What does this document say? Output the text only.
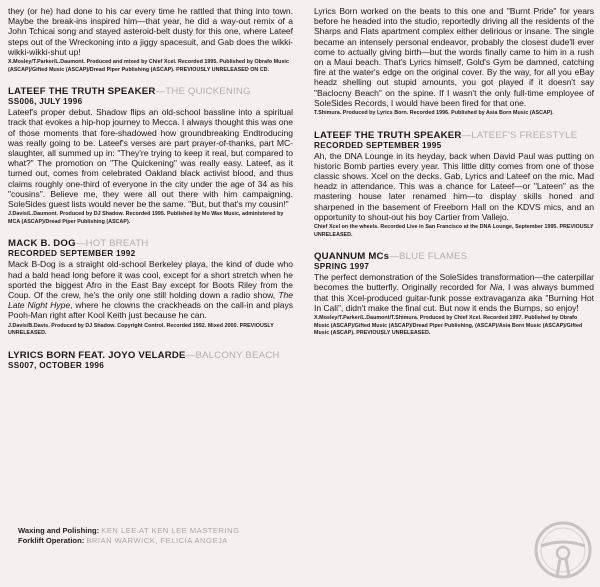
they (or he) had done to his car every time he rattled that thing into town. Maybe the break-ins inspired him—that year, he did a way-out remix of a John Tchicai song and stayed asteroid-belt dusty for this one, where Lateef steps out of the Wreckoning into a jiggy spacesuit, and Gab does the wikki-wikki-wikki-shut up!

X.Mosley/T.Parker/L.Daumont. Produced and mixed by Chief Xcel. Recorded 1995. Published by Obrafo Music (ASCAP)/Gifted Music (ASCAP)/Dread Piper Publishing (ASCAP). PREVIOUSLY UNRELEASED ON CD.

LATEEF THE TRUTH SPEAKER—THE QUICKENING
SS006, JULY 1996

Lateef's proper debut. Shadow flips an old-school bassline into a spiritual track that evokes a hip-hop journey to Mecca. I always thought this was one of those moments that fore-shadowed how groundbreaking Endtroducing was really going to be. Lateef's verses are part prayer-of-thanks, part MC-slaughter, all summed up in: "They're trying to keep it real, but compared to what?" The promotion on "The Quickening" was really easy. Lateef, as it turned out, comes from celebrated Oakland black activist blood, and thus claims roughly one-third of everyone in the city under the age of 34 as his "cousins". Believe me, they were all out there with him campaigning. SoleSides guest lists would never be the same. "But, but that's my cousin!"

J.Davis/L.Daumont. Produced by DJ Shadow. Recorded 1995. Published by Mo Wax Music, administered by MCA (ASCAP)/Dread Piper Publishing (ASCAP).

MACK B. DOG—HOT BREATH
RECORDED SEPTEMBER 1992

Mack B-Dog is a straight old-school Berkeley playa, the kind of dude who had a bald head long before it was cool, except for a short stretch when he sported the biggest Afro in the East Bay except for Boots Riley from the Coup. Of the crew, he's the only one still holding down a radio show, The Late Night Hype, where he clowns the crackheads on the call-in and plays Pooh-Man right after Kool Keith just because he can.

J.Davis/B.Davis. Produced by DJ Shadow. Copyright Control. Recorded 1992. Mixed 2000. PREVIOUSLY UNRELEASED.

LYRICS BORN FEAT. JOYO VELARDE—BALCONY BEACH
SS007, OCTOBER 1996

Lyrics Born worked on the beats to this one and "Burnt Pride" for years before he headed into the studio, reportedly driving all the residents of the Sharps and Flats apartment complex either delirious or insane. The single became an intensely personal endeavor, probably the closest dude'll ever come to actually giving birth—but the words finally came to him in a rush on a Maui beach. That's Lyrics himself, Gold's Gym be damned, catching fire at the water's edge on the original cover. By the way, for all you eBay headz shelling out stupid amounts, you got played if it doesn't say "Baclocny Beach" on the spine. If I wasn't the only full-time employee of SoleSides Records, I would have been fired for that one.

T.Shimura. Produced by Lyrics Born. Recorded 1996. Published by Asia Born Music (ASCAP).

LATEEF THE TRUTH SPEAKER—LATEEF'S FREESTYLE
RECORDED SEPTEMBER 1995

Ah, the DNA Lounge in its heyday, back when David Paul was putting on historic Bomb parties every year. This little ditty comes from one of those classic shows. Xcel on the decks. Gab, Lyrics and Lateef on the mic. Mad headz in attendance. This was a chance for Lateef—or "Lateen" as the mastering house later renamed him—to display skills honed and sharpened in the basement of Freeborn Hall on the KDVS mics, and an opportunity to shout-out his boy Cartier from Vallejo.

Chief Xcel on the wheels. Recorded Live in San Francisco at the DNA Lounge, September 1995. PREVIOUSLY UNRELEASED.

QUANNUM MCs—BLUE FLAMES
SPRING 1997

The perfect demonstration of the SoleSides transformation—the caterpillar becomes the butterfly. Originally recorded for Nia, I was always bummed that this Xcel-produced guitar-funk posse extravaganza aka "Burning Hot In Cali", didn't make the final cut. But now it ends the Bumps, so enjoy!

X.Mosley/T.Parker/L.Daumont/T.Shimura. Produced by Chief Xcel. Recorded 1997. Published by Obrafo Music (ASCAP)/Gifted Music (ASCAP)/Dread Piper Publishing, (ASCAP)/Asia Born Music (ASCAP)/Gifted Music (ASCAP). PREVIOUSLY UNRELEASED.

Waxing and Polishing: KEN LEE AT KEN LEE MASTERING
Forklift Operation: BRIAN WARWICK, FELICIA ANGEJA
